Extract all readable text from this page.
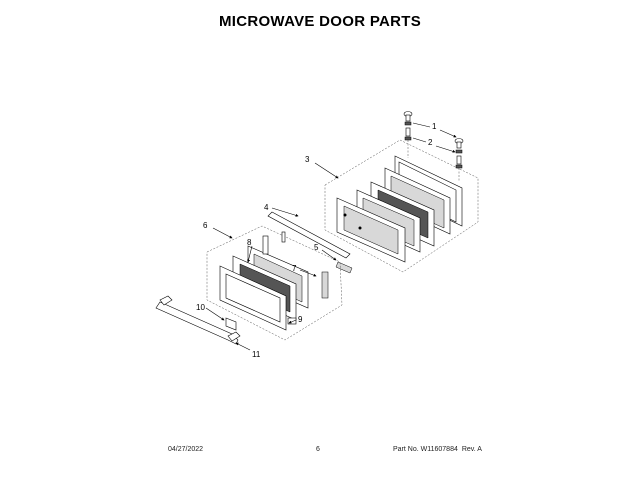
MICROWAVE DOOR PARTS
1
2
3
4
5
6
7
8
9
10
11
04/27/2022	6	Part No. W11607884 Rev. A
